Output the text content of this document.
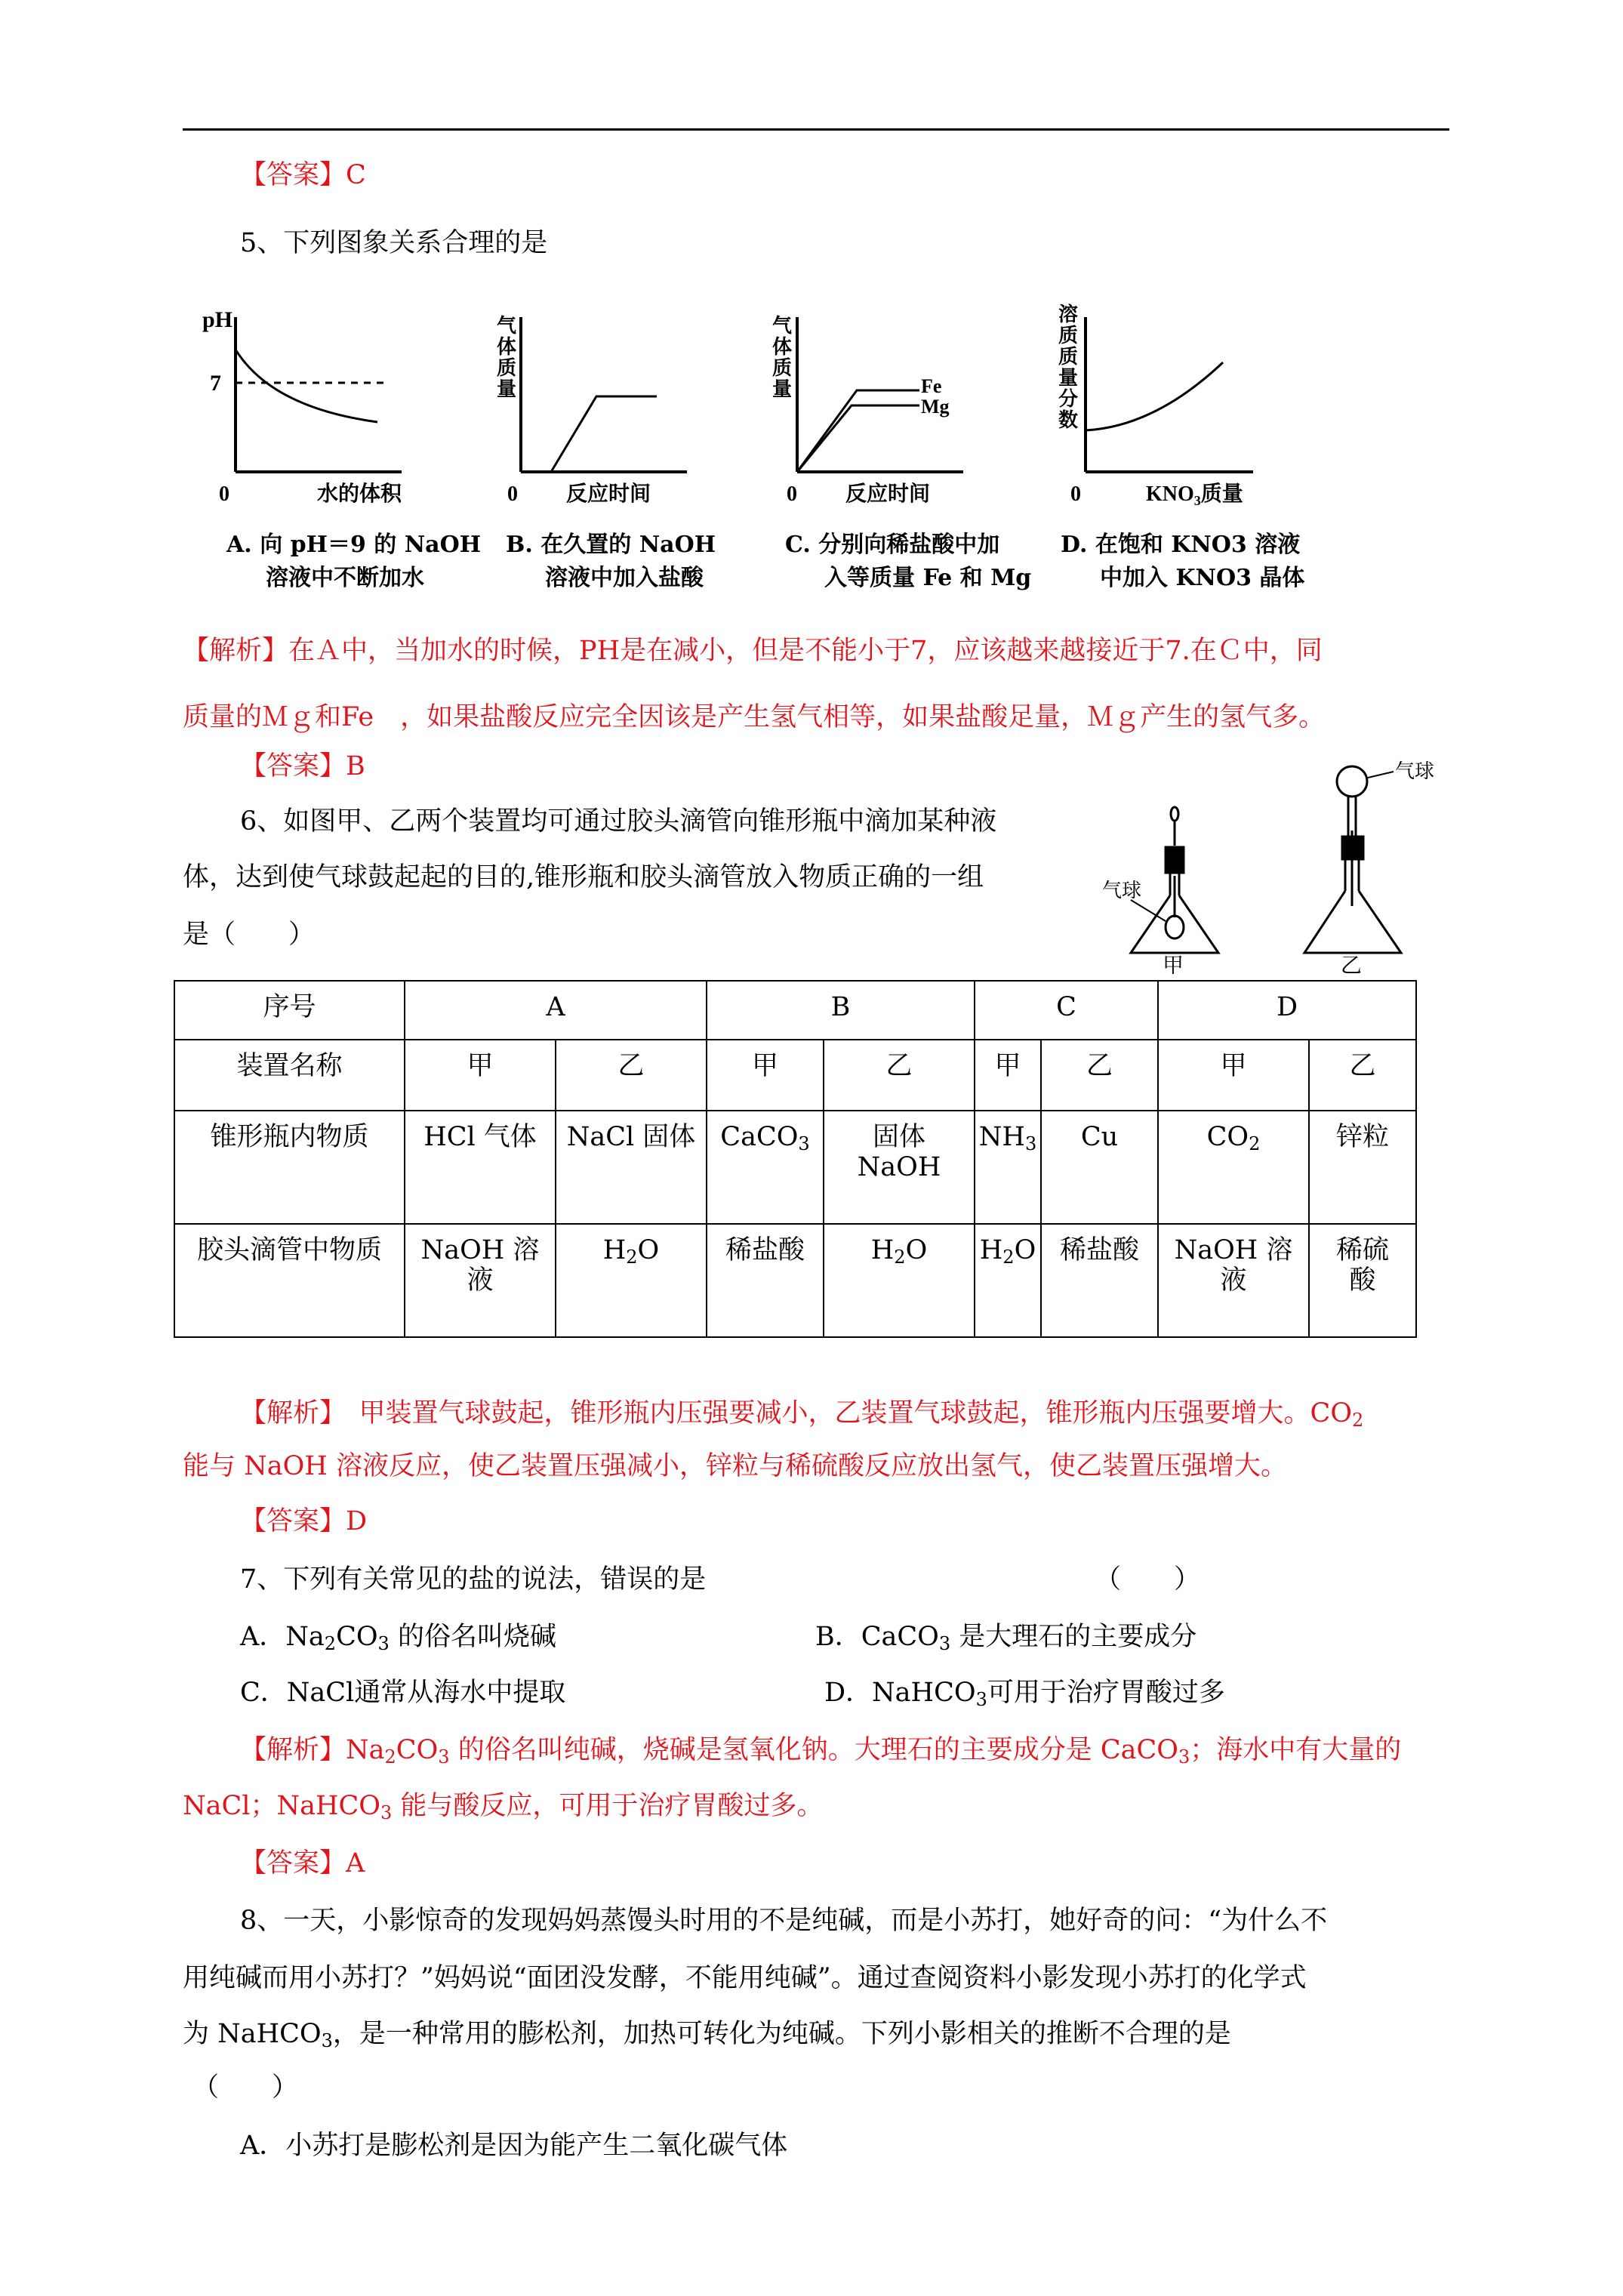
【答案】C
5、下列图象关系合理的是
pH
7
0	水的体积
气
体
质
量
0 反应时间
气
体
质
量	Fe
Mg
0 反应时间
溶
质
质
量
分
数
0	$KNO_3$质量
A. 向 pH＝9 的 NaOH
溶液中不断加水
B. 在久置的 NaOH
溶液中加入盐酸
C. 分别向稀盐酸中加
入等质量 Fe 和 Mg
D. 在饱和 KNO3 溶液
中加入 KNO3 晶体
【解析】在Ａ中，当加水的时候，PH是在减小，但是不能小于7，应该越来越接近于7.在Ｃ中，同
质量的Ｍｇ和Fe　，如果盐酸反应完全因该是产生氢气相等，如果盐酸足量，Ｍｇ产生的氢气多。
【答案】B
6、如图甲、乙两个装置均可通过胶头滴管向锥形瓶中滴加某种液
体，达到使气球鼓起起的目的,锥形瓶和胶头滴管放入物质正确的一组
是（　　）
气球
甲
气球
乙
序号	A		B		C		D	
装置名称	甲	乙	甲	乙	甲	乙	甲	乙
锥形瓶内物质	HCl 气体	NaCl 固体	CaCO$_3$	固体 NaOH	$NH_3$	Cu	$CO_2$	锌粒
胶头滴管中物质	NaOH 溶液	$H_2O$	稀盐酸	$H_2O$	$H_2O$	稀盐酸	NaOH 溶液	稀硫酸
【解析】　 甲装置气球鼓起，锥形瓶内压强要减小，乙装置气球鼓起，锥形瓶内压强要增大。$CO_2$
能与 NaOH 溶液反应，使乙装置压强减小，锌粒与稀硫酸反应放出氢气，使乙装置压强增大。
【答案】D
7、下列有关常见的盐的说法，错误的是	（　　）
A．$Na_2CO_3$ 的俗名叫烧碱	B．CaCO$_3$ 是大理石的主要成分
C．NaCl通常从海水中提取	D．NaHCO$_3$可用于治疗胃酸过多
【解析】$Na_2CO_3$ 的俗名叫纯碱，烧碱是氢氧化钠。大理石的主要成分是 CaCO$_3$；海水中有大量的
NaCl；NaHCO$_3$ 能与酸反应，可用于治疗胃酸过多。
【答案】A
8、一天，小影惊奇的发现妈妈蒸馒头时用的不是纯碱，而是小苏打，她好奇的问：“为什么不
用纯碱而用小苏打？”妈妈说“面团没发酵，不能用纯碱”。通过查阅资料小影发现小苏打的化学式
为 NaHCO$_3$，是一种常用的膨松剂，加热可转化为纯碱。下列小影相关的推断不合理的是
（　　）
A．小苏打是膨松剂是因为能产生二氧化碳气体
